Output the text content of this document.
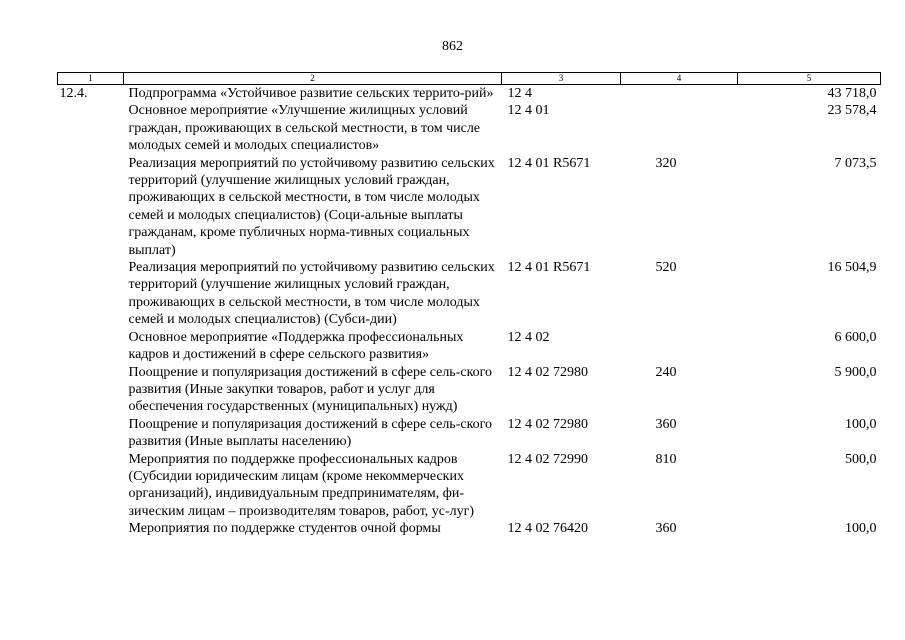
862
1	2	3	4	5
12.4.	Подпрограмма «Устойчивое развитие сельских террито-рий»	12 4		43 718,0
	Основное мероприятие «Улучшение жилищных условий граждан, проживающих в сельской местности, в том числе молодых семей и молодых специалистов»	12 4 01		23 578,4
	Реализация мероприятий по устойчивому развитию сельских территорий (улучшение жилищных условий граждан, проживающих в сельской местности, в том числе молодых семей и молодых специалистов) (Соци-альные выплаты гражданам, кроме публичных норма-тивных социальных выплат)	12 4 01 R5671	320	7 073,5
	Реализация мероприятий по устойчивому развитию сельских территорий (улучшение жилищных условий граждан, проживающих в сельской местности, в том числе молодых семей и молодых специалистов) (Субси-дии)	12 4 01 R5671	520	16 504,9
	Основное мероприятие «Поддержка профессиональных кадров и достижений в сфере сельского развития»	12 4 02		6 600,0
	Поощрение и популяризация достижений в сфере сель-ского развития (Иные закупки товаров, работ и услуг для обеспечения государственных (муниципальных) нужд)	12 4 02 72980	240	5 900,0
	Поощрение и популяризация достижений в сфере сель-ского развития (Иные выплаты населению)	12 4 02 72980	360	100,0
	Мероприятия по поддержке профессиональных кадров (Субсидии юридическим лицам (кроме некоммерческих организаций), индивидуальным предпринимателям, фи-зическим лицам – производителям товаров, работ, ус-луг)	12 4 02 72990	810	500,0
	Мероприятия по поддержке студентов очной формы	12 4 02 76420	360	100,0
